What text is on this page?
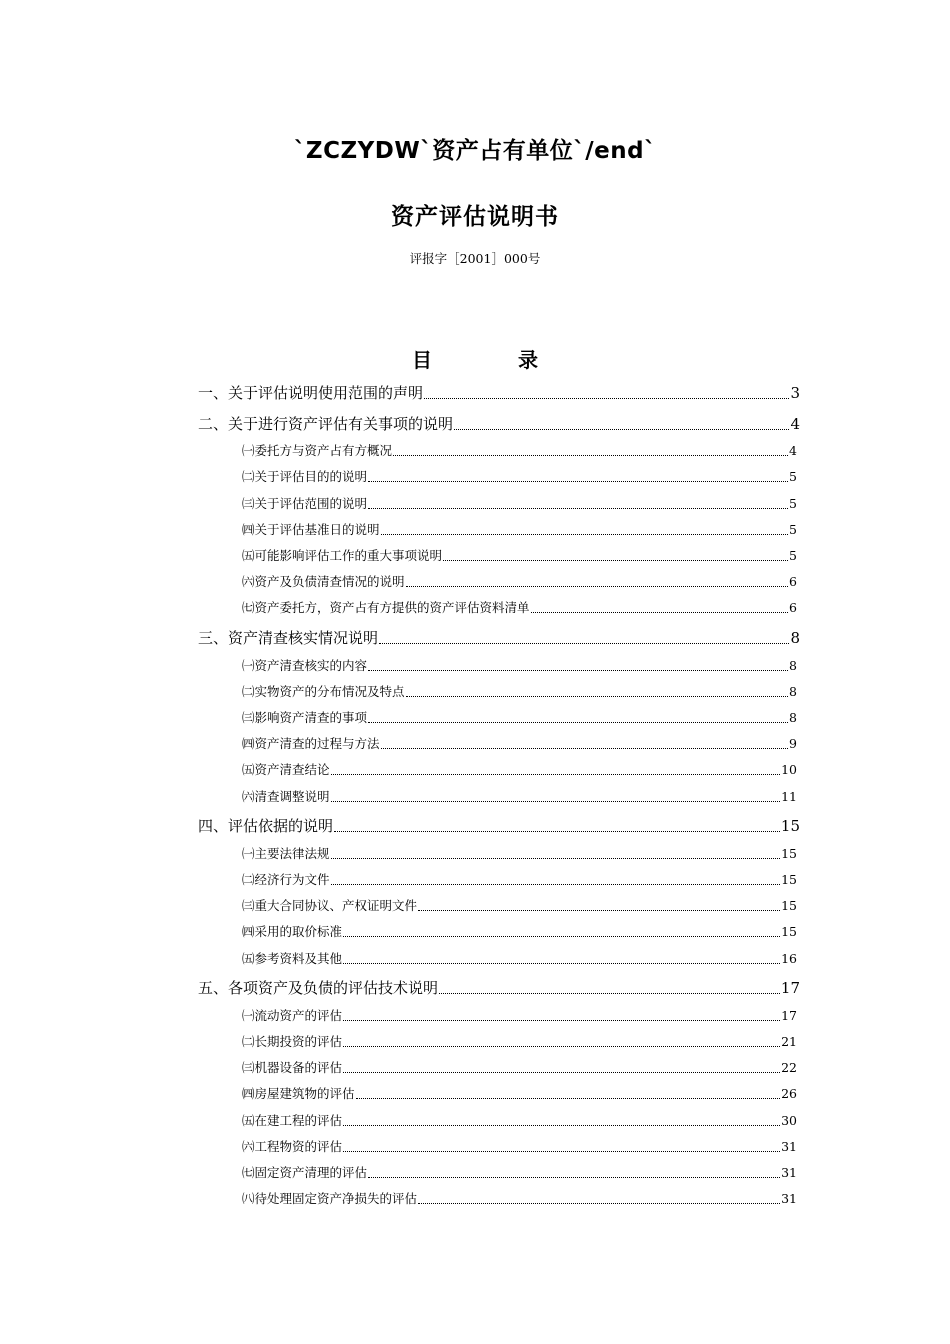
`ZCZYDW`资产占有单位`/end`
资产评估说明书
评报字［2001］000号
目	录
一、关于评估说明使用范围的声明	3
二、关于进行资产评估有关事项的说明	4
㈠委托方与资产占有方概况	4
㈡关于评估目的的说明	5
㈢关于评估范围的说明	5
㈣关于评估基准日的说明	5
㈤可能影响评估工作的重大事项说明	5
㈥资产及负债清查情况的说明	6
㈦资产委托方，资产占有方提供的资产评估资料清单	6
三、资产清查核实情况说明	8
㈠资产清查核实的内容	8
㈡实物资产的分布情况及特点	8
㈢影响资产清查的事项	8
㈣资产清查的过程与方法	9
㈤资产清查结论	10
㈥清查调整说明	11
四、评估依据的说明	15
㈠主要法律法规	15
㈡经济行为文件	15
㈢重大合同协议、产权证明文件	15
㈣采用的取价标准	15
㈤参考资料及其他	16
五、各项资产及负债的评估技术说明	17
㈠流动资产的评估	17
㈡长期投资的评估	21
㈢机器设备的评估	22
㈣房屋建筑物的评估	26
㈤在建工程的评估	30
㈥工程物资的评估	31
㈦固定资产清理的评估	31
㈧待处理固定资产净损失的评估	31
